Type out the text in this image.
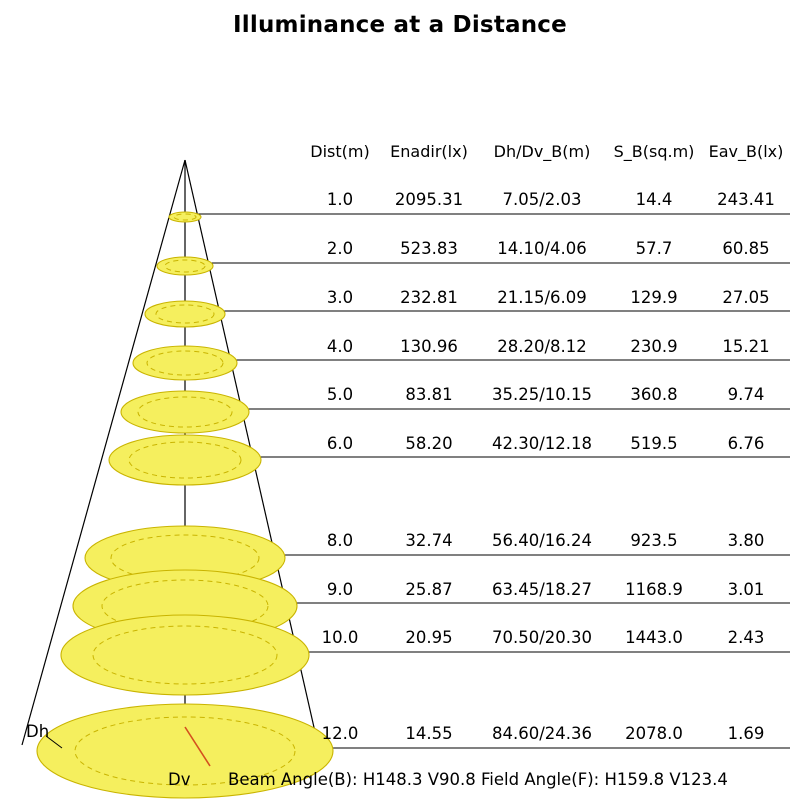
Illuminance at a Distance
Dist(m)	Enadir(lx)	Dh/Dv_B(m)	S_B(sq.m) Eav_B(lx)
1.0	2095.31	7.05/2.03	14.4	243.41
2.0	523.83	14.10/4.06	57.7	60.85
3.0	232.81	21.15/6.09	129.9	27.05
4.0	130.96	28.20/8.12	230.9	15.21
5.0	83.81	35.25/10.15	360.8	9.74
6.0	58.20	42.30/12.18	519.5	6.76
8.0	32.74	56.40/16.24	923.5	3.80
9.0	25.87	63.45/18.27	1168.9	3.01
10.0	20.95	70.50/20.30	1443.0	2.43
12.0	14.55	84.60/24.36	2078.0	1.69
Dh
Dv Beam Angle(B): H148.3 V90.8 Field Angle(F): H159.8 V123.4
